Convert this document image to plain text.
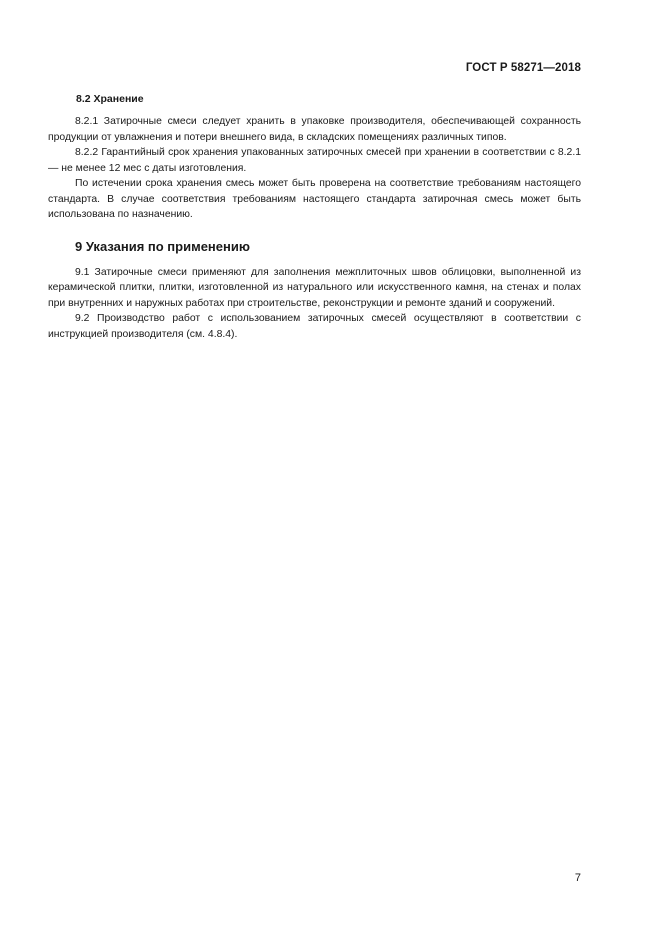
ГОСТ Р 58271—2018
8.2 Хранение

8.2.1 Затирочные смеси следует хранить в упаковке производителя, обеспечивающей сохранность продукции от увлажнения и потери внешнего вида, в складских помещениях различных типов.

8.2.2 Гарантийный срок хранения упакованных затирочных смесей при хранении в соответствии с 8.2.1 — не менее 12 мес с даты изготовления.

По истечении срока хранения смесь может быть проверена на соответствие требованиям настоящего стандарта. В случае соответствия требованиям настоящего стандарта затирочная смесь может быть использована по назначению.

9 Указания по применению

9.1 Затирочные смеси применяют для заполнения межплиточных швов облицовки, выполненной из керамической плитки, плитки, изготовленной из натурального или искусственного камня, на стенах и полах при внутренних и наружных работах при строительстве, реконструкции и ремонте зданий и сооружений.

9.2 Производство работ с использованием затирочных смесей осуществляют в соответствии с инструкцией производителя (см. 4.8.4).

7
